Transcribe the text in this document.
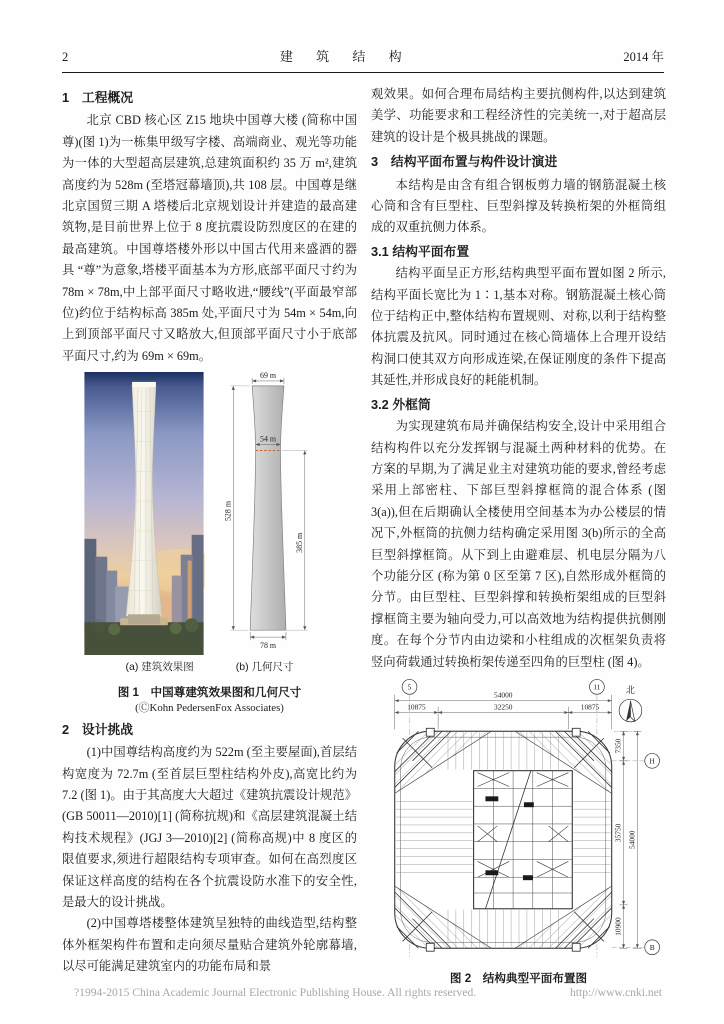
2	建 筑 结 构	2014 年
1　工程概况

北京 CBD 核心区 Z15 地块中国尊大楼 (简称中国尊)(图 1)为一栋集甲级写字楼、高端商业、观光等功能为一体的大型超高层建筑,总建筑面积约 35 万 m²,建筑高度约为 528m (至塔冠幕墙顶),共 108 层。中国尊是继北京国贸三期 A 塔楼后北京规划设计并建造的最高建筑物,是目前世界上位于 8 度抗震设防烈度区的在建的最高建筑。中国尊塔楼外形以中国古代用来盛酒的器具 “尊”为意象,塔楼平面基本为方形,底部平面尺寸约为 78m × 78m,中上部平面尺寸略收进,“腰线”(平面最窄部位)约位于结构标高 385m 处,平面尺寸为 54m × 54m,向上到顶部平面尺寸又略放大,但顶部平面尺寸小于底部平面尺寸,约为 69m × 69m。

69 m
54 m
528 m
385 m
78 m
(a) 建筑效果图	(b) 几何尺寸
图 1　中国尊建筑效果图和几何尺寸
(ⒸKohn PedersenFox Associates)
2　设计挑战

(1)中国尊结构高度约为 522m (至主要屋面),首层结构宽度为 72.7m (至首层巨型柱结构外皮),高宽比约为 7.2 (图 1)。由于其高度大大超过《建筑抗震设计规范》(GB 50011—2010)[1] (简称抗规)和《高层建筑混凝土结构技术规程》(JGJ 3—2010)[2] (简称高规)中 8 度区的限值要求,须进行超限结构专项审查。如何在高烈度区保证这样高度的结构在各个抗震设防水准下的安全性,是最大的设计挑战。

(2)中国尊塔楼整体建筑呈独特的曲线造型,结构整体外框架构件布置和走向须尽量贴合建筑外轮廓幕墙,以尽可能满足建筑室内的功能布局和景

观效果。如何合理布局结构主要抗侧构件,以达到建筑美学、功能要求和工程经济性的完美统一,对于超高层建筑的设计是个极具挑战的课题。

3　结构平面布置与构件设计演进

本结构是由含有组合钢板剪力墙的钢筋混凝土核心筒和含有巨型柱、巨型斜撑及转换桁架的外框筒组成的双重抗侧力体系。

3.1 结构平面布置

结构平面呈正方形,结构典型平面布置如图 2 所示,结构平面长宽比为 1∶1,基本对称。钢筋混凝土核心筒位于结构正中,整体结构布置规则、对称,以利于结构整体抗震及抗风。同时通过在核心筒墙体上合理开设结构洞口使其双方向形成连梁,在保证刚度的条件下提高其延性,并形成良好的耗能机制。

3.2 外框筒

为实现建筑布局并确保结构安全,设计中采用组合结构构件以充分发挥钢与混凝土两种材料的优势。在方案的早期,为了满足业主对建筑功能的要求,曾经考虑采用上部密柱、下部巨型斜撑框筒的混合体系 (图 3(a)),但在后期确认全楼使用空间基本为办公楼层的情况下,外框筒的抗侧力结构确定采用图 3(b)所示的全高巨型斜撑框筒。从下到上由避难层、机电层分隔为八个功能分区 (称为第 0 区至第 7 区),自然形成外框筒的分节。由巨型柱、巨型斜撑和转换桁架组成的巨型斜撑框筒主要为轴向受力,可以高效地为结构提供抗侧刚度。在每个分节内由边梁和小柱组成的次框架负责将竖向荷载通过转换桁架传递至四角的巨型柱 (图 4)。

54000
10875	32250	10875
5	11	北
7350
35750
10900
54000
H
B
图 2　结构典型平面布置图
?1994-2015 China Academic Journal Electronic Publishing House. All rights reserved.	http://www.cnki.net
